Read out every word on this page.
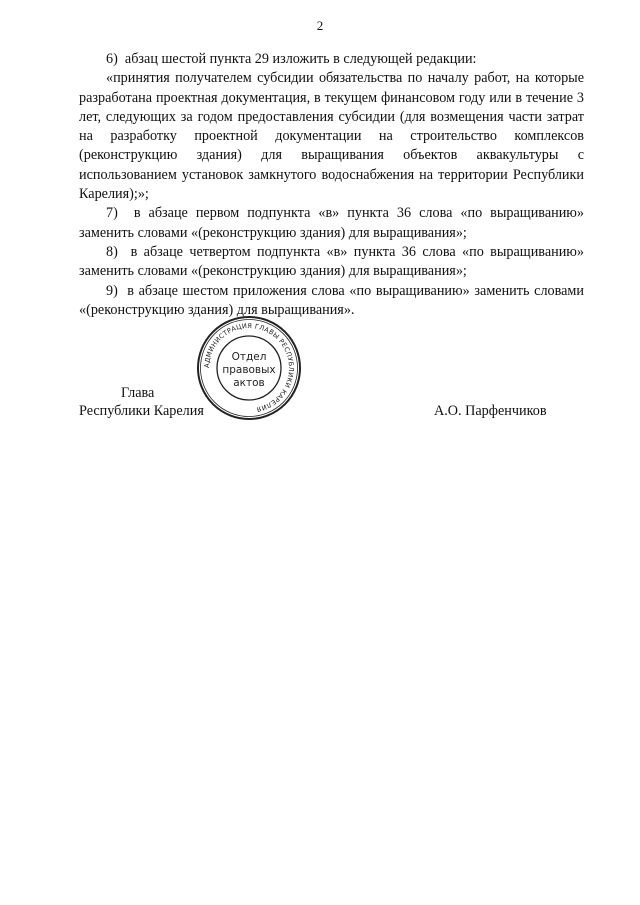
2

6)  абзац шестой пункта 29 изложить в следующей редакции:

«принятия получателем субсидии обязательства по началу работ, на которые разработана проектная документация, в текущем финансовом году или в течение 3 лет, следующих за годом предоставления субсидии (для возмещения части затрат на разработку проектной документации на строительство комплексов (реконструкцию здания) для выращивания объектов аквакультуры с использованием установок замкнутого водоснабжения на территории Республики Карелия);»;

7)  в абзаце первом подпункта «в» пункта 36 слова «по выращиванию» заменить словами «(реконструкцию здания) для выращивания»;

8)  в абзаце четвертом подпункта «в» пункта 36 слова «по выращиванию» заменить словами «(реконструкцию здания) для выращивания»;

9)  в абзаце шестом приложения слова «по выращиванию» заменить словами «(реконструкцию здания) для выращивания».

Глава
Республики Карелия	А.О. Парфенчиков
АДМИНИСТРАЦИЯ ГЛАВЫ РЕСПУБЛИКИ КАРЕЛИЯ
Отдел
правовых
актов
